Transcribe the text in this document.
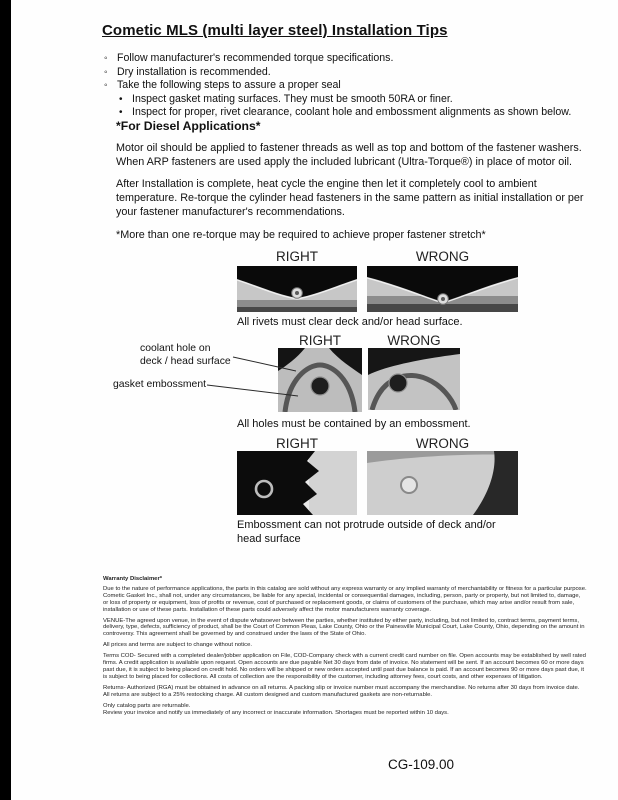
Cometic MLS (multi layer steel) Installation Tips
◦
Follow manufacturer's recommended torque specifications.
◦
Dry installation is recommended.
◦
Take the following steps to assure a proper seal
•
Inspect gasket mating surfaces. They must be smooth 50RA or finer.
•
Inspect for proper, rivet clearance, coolant hole and embossment alignments as shown below.
*For Diesel Applications*
Motor oil should be applied to fastener threads as well as top and bottom of the fastener washers. When ARP fasteners are used apply the included lubricant (Ultra-Torque®) in place of motor oil.
After Installation is complete, heat cycle the engine then let it completely cool to ambient temperature. Re-torque the cylinder head fasteners in the same pattern as initial installation or per your fastener manufacturer's recommendations.
*More than one re-torque may be required to achieve proper fastener stretch*
RIGHT	WRONG
All rivets must clear deck and/or head surface.
RIGHT	WRONG
coolant hole on deck / head surface
gasket embossment
All holes must be contained by an embossment.
RIGHT	WRONG
Embossment can not protrude outside of deck and/or head surface
Warranty Disclaimer*
Due to the nature of performance applications, the parts in this catalog are sold without any express warranty or any implied warranty of merchantability or fitness for a particular purpose. Cometic Gasket Inc., shall not, under any circumstances, be liable for any special, incidental or consequential damages, including, person, party or property, but not limited to, damage, or loss of property or equipment, loss of profits or revenue, cost of purchased or replacement goods, or claims of customers of the purchase, which may arise and/or result from sale, installation or use of these parts. Installation of these parts could adversely affect the motor manufacturers warranty coverage.
VENUE-The agreed upon venue, in the event of dispute whatsoever between the parties, whether instituted by either party, including, but not limited to, contract terms, payment terms, delivery, type, defects, sufficiency of product, shall be the Court of Common Pleas, Lake County, Ohio or the Painesville Municipal Court, Lake County, Ohio, depending on the amount in controversy. This agreement shall be governed by and construed under the laws of the State of Ohio.
All prices and terms are subject to change without notice.
Terms COD- Secured with a completed dealer/jobber application on File, COD-Company check with a current credit card number on file. Open accounts may be established by well rated firms. A credit application is available upon request. Open accounts are due payable Net 30 days from date of invoice. No statement will be sent. If an account becomes 60 or more days past due, it is subject to being placed on credit hold. No orders will be shipped or new orders accepted until past due balance is paid. If an account becomes 90 or more days past due, it is subject to being placed for collections. All costs of collection are the responsibility of the customer, including attorney fees, court costs, and other expenses of litigation.
Returns- Authorized (RGA) must be obtained in advance on all returns. A packing slip or invoice number must accompany the merchandise. No returns after 30 days from invoice date. All returns are subject to a 25% restocking charge. All custom designed and custom manufactured gaskets are non-returnable.
Only catalog parts are returnable.
Review your invoice and notify us immediately of any incorrect or inaccurate information. Shortages must be reported within 10 days.
CG-109.00
